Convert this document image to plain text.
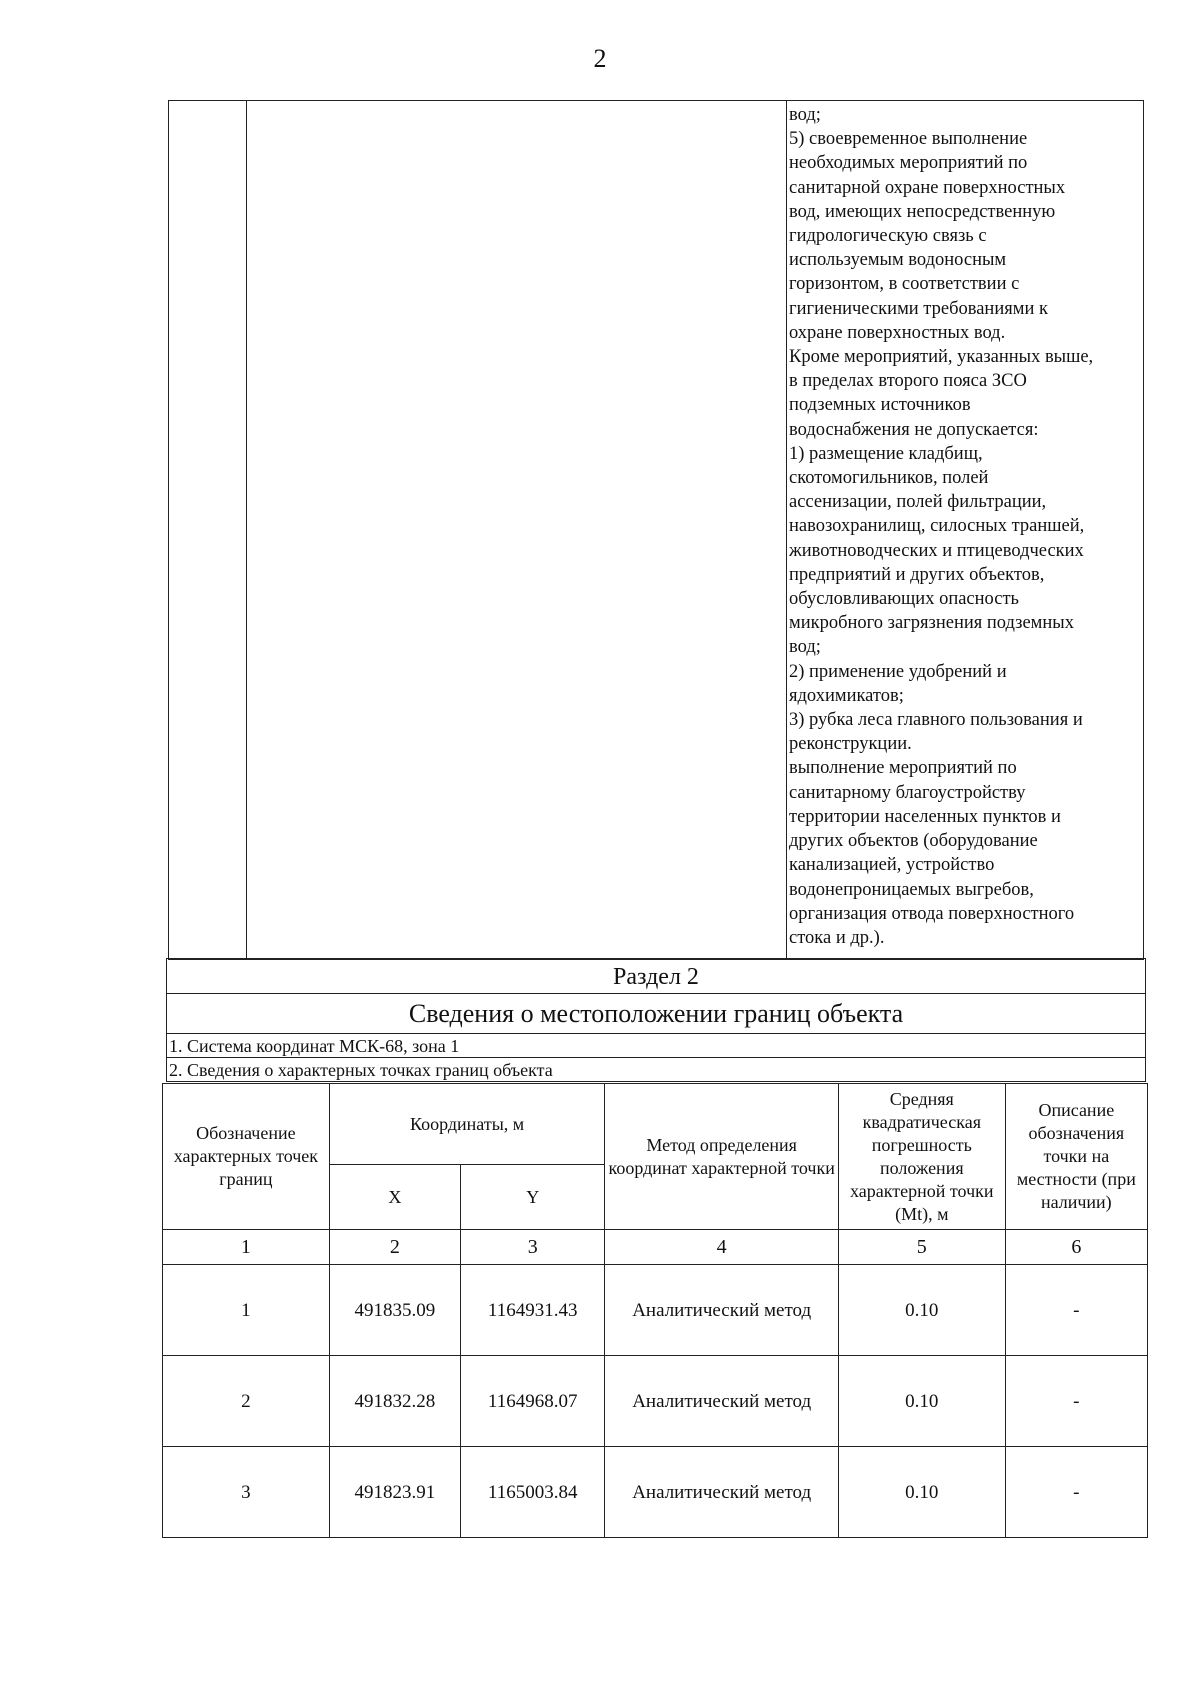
2
вод;
5) своевременное выполнение
необходимых мероприятий по
санитарной охране поверхностных
вод, имеющих непосредственную
гидрологическую связь с
используемым водоносным
горизонтом, в соответствии с
гигиеническими требованиями к
охране поверхностных вод.
Кроме мероприятий, указанных выше,
в пределах второго пояса ЗСО
подземных источников
водоснабжения не допускается:
1) размещение кладбищ,
скотомогильников, полей
ассенизации, полей фильтрации,
навозохранилищ, силосных траншей,
животноводческих и птицеводческих
предприятий и других объектов,
обусловливающих опасность
микробного загрязнения подземных
вод;
2) применение удобрений и
ядохимикатов;
3) рубка леса главного пользования и
реконструкции.
выполнение мероприятий по
санитарному благоустройству
территории населенных пунктов и
других объектов (оборудование
канализацией, устройство
водонепроницаемых выгребов,
организация отвода поверхностного
стока и др.).
Раздел 2
Сведения о местоположении границ объекта
1. Система координат МСК-68, зона 1
2. Сведения о характерных точках границ объекта
Обозначение характерных точек границ	Координаты, м		Метод определения координат характерной точки	Средняя квадратическая погрешность положения характерной точки (Mt), м	Описание обозначения точки на местности (при наличии)
	X	Y			
1	2	3	4	5	6
1	491835.09	1164931.43	Аналитический метод	0.10	-
2	491832.28	1164968.07	Аналитический метод	0.10	-
3	491823.91	1165003.84	Аналитический метод	0.10	-
